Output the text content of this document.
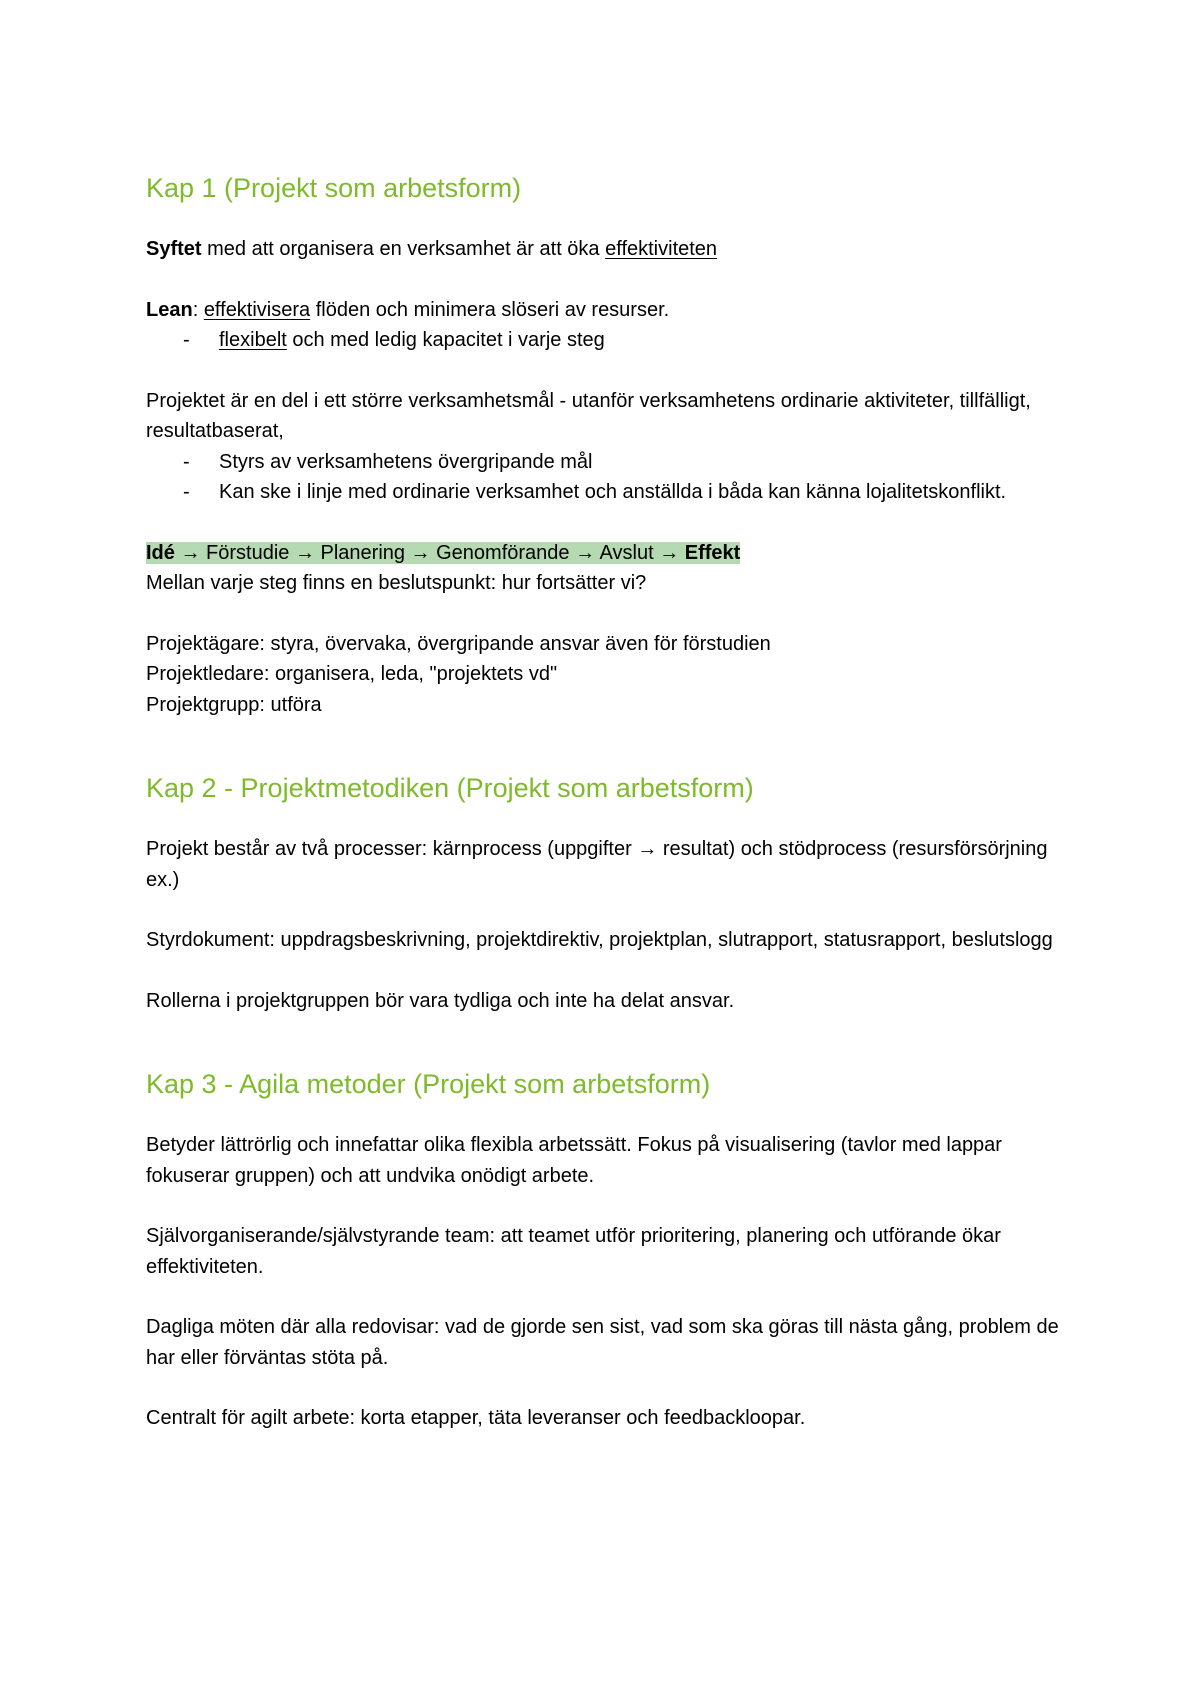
Kap 1 (Projekt som arbetsform)

Syftet med att organisera en verksamhet är att öka effektiviteten

Lean: effektivisera flöden och minimera slöseri av resurser.

- flexibelt och med ledig kapacitet i varje steg

Projektet är en del i ett större verksamhetsmål - utanför verksamhetens ordinarie aktiviteter, tillfälligt, resultatbaserat,

- Styrs av verksamhetens övergripande mål
- Kan ske i linje med ordinarie verksamhet och anställda i båda kan känna lojalitetskonflikt.

Idé → Förstudie → Planering → Genomförande → Avslut → Effekt

Mellan varje steg finns en beslutspunkt: hur fortsätter vi?

Projektägare: styra, övervaka, övergripande ansvar även för förstudien

Projektledare: organisera, leda, "projektets vd"

Projektgrupp: utföra

Kap 2 - Projektmetodiken (Projekt som arbetsform)

Projekt består av två processer: kärnprocess (uppgifter → resultat) och stödprocess (resursförsörjning ex.)

Styrdokument: uppdragsbeskrivning, projektdirektiv, projektplan, slutrapport, statusrapport, beslutslogg

Rollerna i projektgruppen bör vara tydliga och inte ha delat ansvar.

Kap 3 - Agila metoder (Projekt som arbetsform)

Betyder lättrörlig och innefattar olika flexibla arbetssätt. Fokus på visualisering (tavlor med lappar fokuserar gruppen) och att undvika onödigt arbete.

Självorganiserande/självstyrande team: att teamet utför prioritering, planering och utförande ökar effektiviteten.

Dagliga möten där alla redovisar: vad de gjorde sen sist, vad som ska göras till nästa gång, problem de har eller förväntas stöta på.

Centralt för agilt arbete: korta etapper, täta leveranser och feedbackloopar.
